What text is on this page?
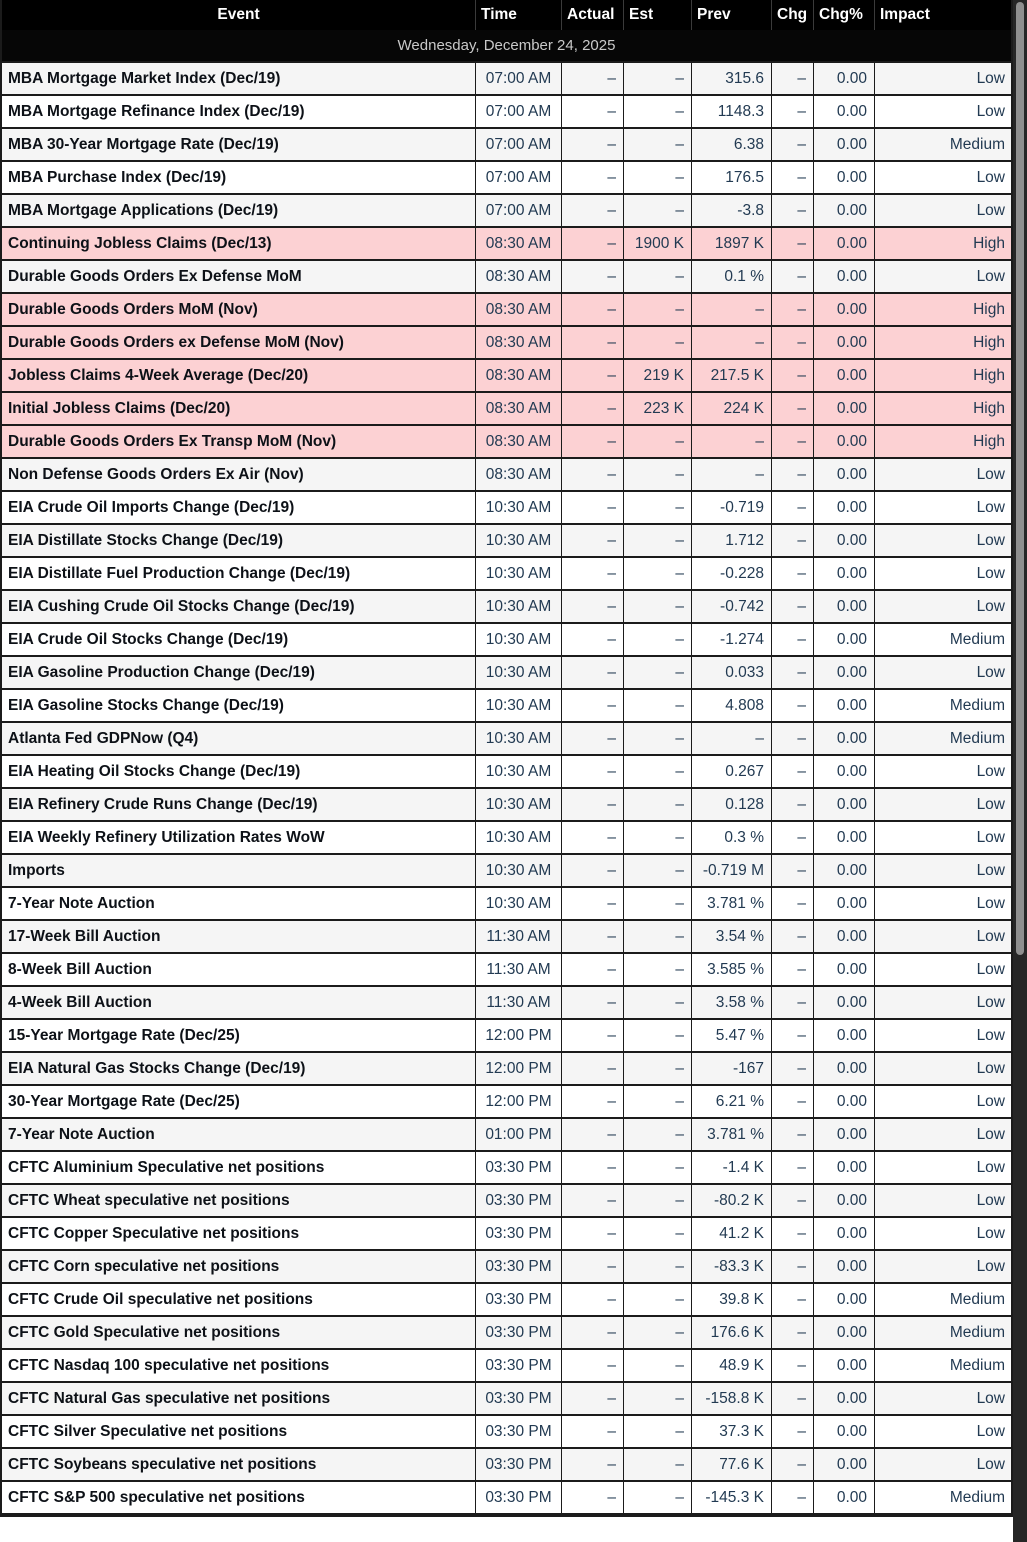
Event	Time	Actual Est	Prev	Chg Chg%	Impact
Wednesday, December 24, 2025
MBA Mortgage Market Index (Dec/19)	07:00 AM	–	–	315.6	–	0.00	Low
MBA Mortgage Refinance Index (Dec/19)	07:00 AM	–	–	1148.3	–	0.00	Low
MBA 30-Year Mortgage Rate (Dec/19)	07:00 AM	–	–	6.38	–	0.00	Medium
MBA Purchase Index (Dec/19)	07:00 AM	–	–	176.5	–	0.00	Low
MBA Mortgage Applications (Dec/19)	07:00 AM	–	–	-3.8	–	0.00	Low
Continuing Jobless Claims (Dec/13)	08:30 AM	–	1900 K	1897 K	–	0.00	High
Durable Goods Orders Ex Defense MoM	08:30 AM	–	–	0.1 %	–	0.00	Low
Durable Goods Orders MoM (Nov)	08:30 AM	–	–	–	–	0.00	High
Durable Goods Orders ex Defense MoM (Nov)	08:30 AM	–	–	–	–	0.00	High
Jobless Claims 4-Week Average (Dec/20)	08:30 AM	–	219 K	217.5 K	–	0.00	High
Initial Jobless Claims (Dec/20)	08:30 AM	–	223 K	224 K	–	0.00	High
Durable Goods Orders Ex Transp MoM (Nov)	08:30 AM	–	–	–	–	0.00	High
Non Defense Goods Orders Ex Air (Nov)	08:30 AM	–	–	–	–	0.00	Low
EIA Crude Oil Imports Change (Dec/19)	10:30 AM	–	–	-0.719	–	0.00	Low
EIA Distillate Stocks Change (Dec/19)	10:30 AM	–	–	1.712	–	0.00	Low
EIA Distillate Fuel Production Change (Dec/19)	10:30 AM	–	–	-0.228	–	0.00	Low
EIA Cushing Crude Oil Stocks Change (Dec/19)	10:30 AM	–	–	-0.742	–	0.00	Low
EIA Crude Oil Stocks Change (Dec/19)	10:30 AM	–	–	-1.274	–	0.00	Medium
EIA Gasoline Production Change (Dec/19)	10:30 AM	–	–	0.033	–	0.00	Low
EIA Gasoline Stocks Change (Dec/19)	10:30 AM	–	–	4.808	–	0.00	Medium
Atlanta Fed GDPNow (Q4)	10:30 AM	–	–	–	–	0.00	Medium
EIA Heating Oil Stocks Change (Dec/19)	10:30 AM	–	–	0.267	–	0.00	Low
EIA Refinery Crude Runs Change (Dec/19)	10:30 AM	–	–	0.128	–	0.00	Low
EIA Weekly Refinery Utilization Rates WoW	10:30 AM	–	–	0.3 %	–	0.00	Low
Imports	10:30 AM	–	–	-0.719 M	–	0.00	Low
7-Year Note Auction	10:30 AM	–	–	3.781 %	–	0.00	Low
17-Week Bill Auction	11:30 AM	–	–	3.54 %	–	0.00	Low
8-Week Bill Auction	11:30 AM	–	–	3.585 %	–	0.00	Low
4-Week Bill Auction	11:30 AM	–	–	3.58 %	–	0.00	Low
15-Year Mortgage Rate (Dec/25)	12:00 PM	–	–	5.47 %	–	0.00	Low
EIA Natural Gas Stocks Change (Dec/19)	12:00 PM	–	–	-167	–	0.00	Low
30-Year Mortgage Rate (Dec/25)	12:00 PM	–	–	6.21 %	–	0.00	Low
7-Year Note Auction	01:00 PM	–	–	3.781 %	–	0.00	Low
CFTC Aluminium Speculative net positions	03:30 PM	–	–	-1.4 K	–	0.00	Low
CFTC Wheat speculative net positions	03:30 PM	–	–	-80.2 K	–	0.00	Low
CFTC Copper Speculative net positions	03:30 PM	–	–	41.2 K	–	0.00	Low
CFTC Corn speculative net positions	03:30 PM	–	–	-83.3 K	–	0.00	Low
CFTC Crude Oil speculative net positions	03:30 PM	–	–	39.8 K	–	0.00	Medium
CFTC Gold Speculative net positions	03:30 PM	–	–	176.6 K	–	0.00	Medium
CFTC Nasdaq 100 speculative net positions	03:30 PM	–	–	48.9 K	–	0.00	Medium
CFTC Natural Gas speculative net positions	03:30 PM	–	–	-158.8 K	–	0.00	Low
CFTC Silver Speculative net positions	03:30 PM	–	–	37.3 K	–	0.00	Low
CFTC Soybeans speculative net positions	03:30 PM	–	–	77.6 K	–	0.00	Low
CFTC S&P 500 speculative net positions	03:30 PM	–	–	-145.3 K	–	0.00	Medium
